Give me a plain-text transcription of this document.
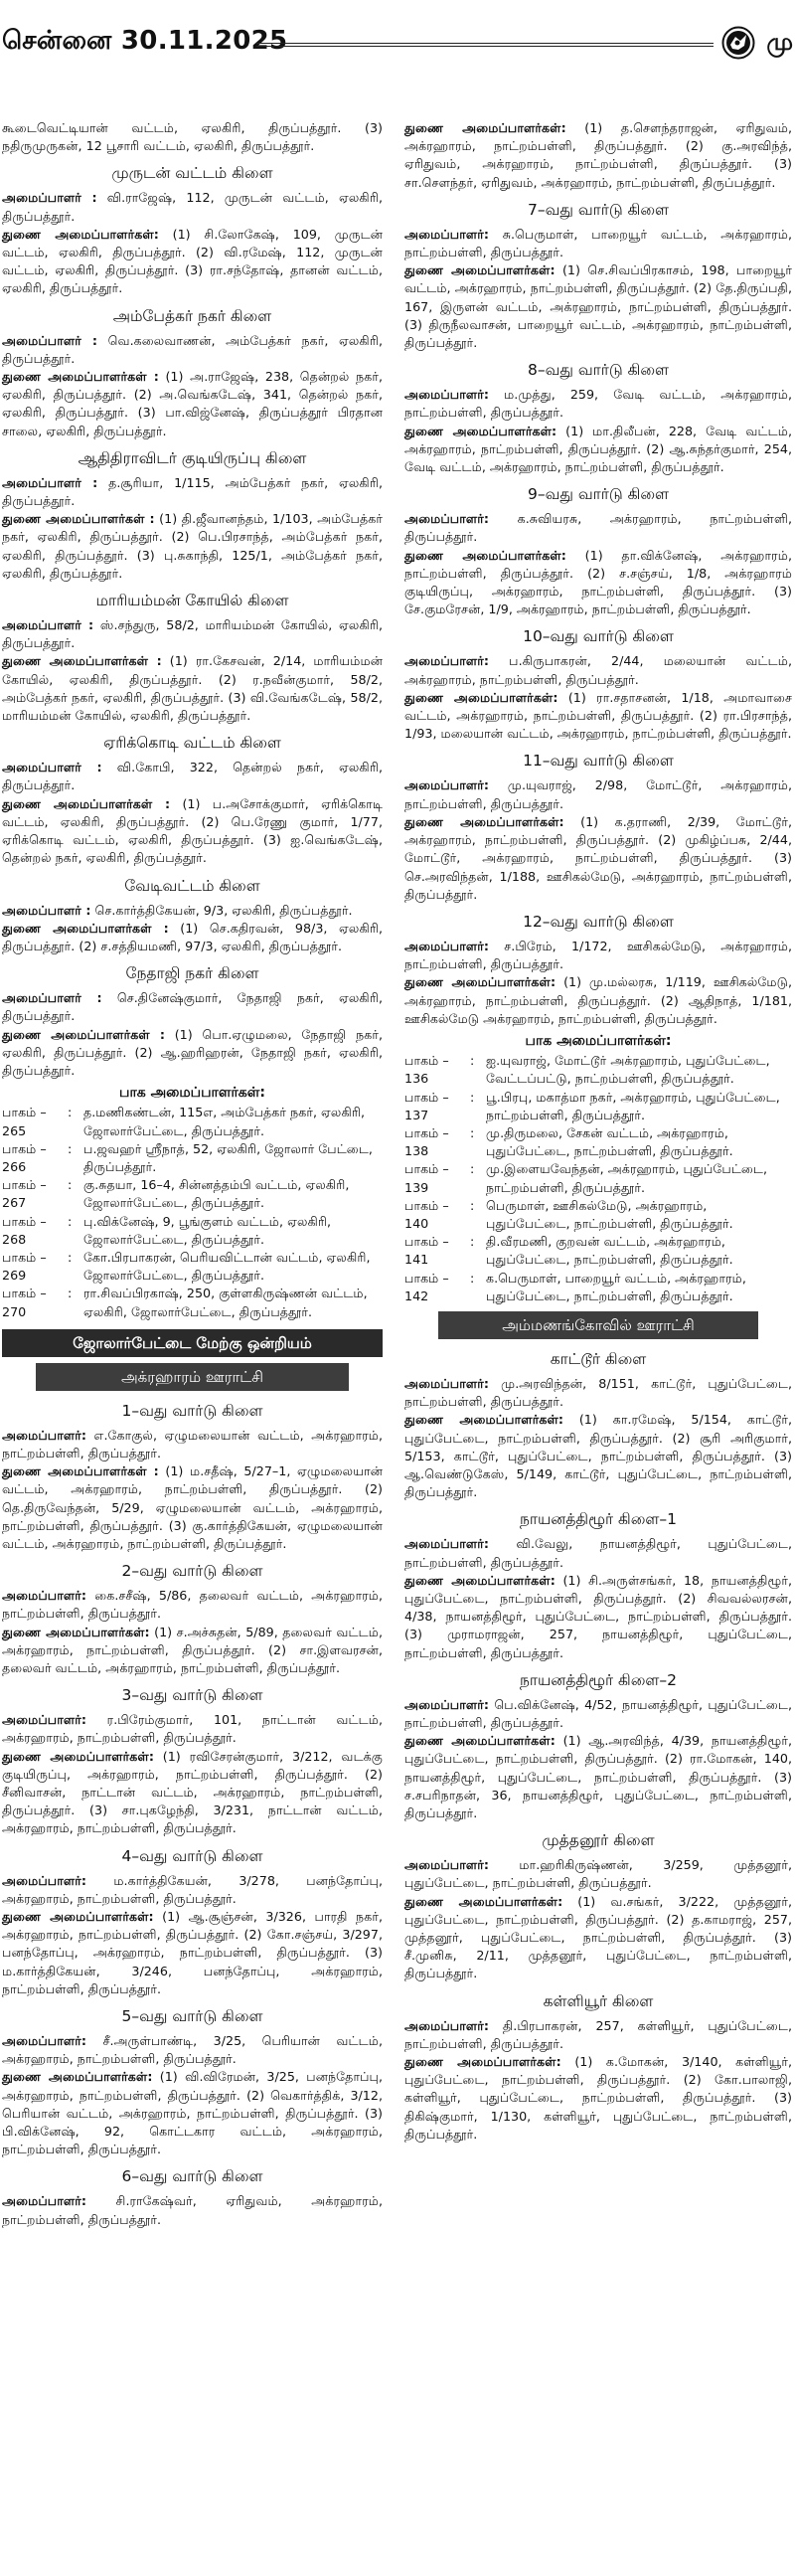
சென்னை 30.11.2025	மு

கூடைவெட்டியான் வட்டம், ஏலகிரி, திருப்பத்தூர். (3) நதிருமுருகன், 12 பூசாரி வட்டம், ஏலகிரி, திருப்பத்தூர்.

முருடன் வட்டம் கிளை

அமைப்பாளர் : வி.ராஜேஷ், 112, முருடன் வட்டம், ஏலகிரி, திருப்பத்தூர்.

துணை அமைப்பாளர்கள்: (1) சி.லோகேஷ், 109, முருடன் வட்டம், ஏலகிரி, திருப்பத்தூர். (2) வி.ரமேஷ், 112, முருடன் வட்டம், ஏலகிரி, திருப்பத்தூர். (3) ரா.சந்தோஷ், தானன் வட்டம், ஏலகிரி, திருப்பத்தூர்.

அம்பேத்கர் நகர் கிளை

அமைப்பாளர் : வெ.கலைவாணன், அம்பேத்கர் நகர், ஏலகிரி, திருப்பத்தூர்.

துணை அமைப்பாளர்கள் : (1) அ.ராஜேஷ், 238, தென்றல் நகர், ஏலகிரி, திருப்பத்தூர். (2) அ.வெங்கடேஷ், 341, தென்றல் நகர், ஏலகிரி, திருப்பத்தூர். (3) பா.விஜ்னேஷ், திருப்பத்தூர் பிரதான சாலை, ஏலகிரி, திருப்பத்தூர்.

ஆதிதிராவிடர் குடியிருப்பு கிளை

அமைப்பாளர் : த.சூரியா, 1/115, அம்பேத்கர் நகர், ஏலகிரி, திருப்பத்தூர்.

துணை அமைப்பாளர்கள் : (1) தி.ஜீவானந்தம், 1/103, அம்பேத்கர் நகர், ஏலகிரி, திருப்பத்தூர். (2) பெ.பிரசாந்த், அம்பேத்கர் நகர், ஏலகிரி, திருப்பத்தூர். (3) பு.சுகாந்தி, 125/1, அம்பேத்கர் நகர், ஏலகிரி, திருப்பத்தூர்.

மாரியம்மன் கோயில் கிளை

அமைப்பாளர் : ஸ்.சந்துரு, 58/2, மாரியம்மன் கோயில், ஏலகிரி, திருப்பத்தூர்.

துணை அமைப்பாளர்கள் : (1) ரா.கேசவன், 2/14, மாரியம்மன் கோயில், ஏலகிரி, திருப்பத்தூர். (2) ர.நவீன்குமார், 58/2, அம்பேத்கர் நகர், ஏலகிரி, திருப்பத்தூர். (3) வி.வேங்கடேஷ், 58/2, மாரியம்மன் கோயில், ஏலகிரி, திருப்பத்தூர்.

ஏரிக்கொடி வட்டம் கிளை

அமைப்பாளர் : வி.கோபி, 322, தென்றல் நகர், ஏலகிரி, திருப்பத்தூர்.

துணை அமைப்பாளர்கள் : (1) ப.அசோக்குமார், ஏரிக்கொடி வட்டம், ஏலகிரி, திருப்பத்தூர். (2) பெ.ரேணு குமார், 1/77, ஏரிக்கொடி வட்டம், ஏலகிரி, திருப்பத்தூர். (3) ஐ.வெங்கடேஷ், தென்றல் நகர், ஏலகிரி, திருப்பத்தூர்.

வேடிவட்டம் கிளை

அமைப்பாளர் : செ.கார்த்திகேயன், 9/3, ஏலகிரி, திருப்பத்தூர்.

துணை அமைப்பாளர்கள் : (1) செ.கதிரவன், 98/3, ஏலகிரி, திருப்பத்தூர். (2) ச.சத்தியமணி, 97/3, ஏலகிரி, திருப்பத்தூர்.

நேதாஜி நகர் கிளை

அமைப்பாளர் : செ.தினேஷ்குமார், நேதாஜி நகர், ஏலகிரி, திருப்பத்தூர்.

துணை அமைப்பாளர்கள் : (1) பொ.ஏழுமலை, நேதாஜி நகர், ஏலகிரி, திருப்பத்தூர். (2) ஆ.ஹரிஹரன், நேதாஜி நகர், ஏலகிரி, திருப்பத்தூர்.

பாக அமைப்பாளர்கள்:
பாகம் – 265
: த.மணிகண்டன், 115எ, அம்பேத்கர் நகர், ஏலகிரி, ஜோலார்பேட்டை, திருப்பத்தூர்.
பாகம் – 266
: ப.ஜவஹர் ஸ்ரீநாத், 52, ஏலகிரி, ஜோலார் பேட்டை, திருப்பத்தூர்.
பாகம் – 267
: கு.சுதயா, 16–4, சின்னத்தம்பி வட்டம், ஏலகிரி, ஜோலார்பேட்டை, திருப்பத்தூர்.
பாகம் – 268
: பு.விக்னேஷ், 9, பூங்குளம் வட்டம், ஏலகிரி, ஜோலார்பேட்டை, திருப்பத்தூர்.
பாகம் – 269
: கோ.பிரபாகரன், பெரியவிட்டான் வட்டம், ஏலகிரி, ஜோலார்பேட்டை, திருப்பத்தூர்.
பாகம் – 270
: ரா.சிவப்பிரகாஷ், 250, குள்ளகிருஷ்ணன் வட்டம், ஏலகிரி, ஜோலார்பேட்டை, திருப்பத்தூர்.
ஜோலார்பேட்டை மேற்கு ஒன்றியம்
அக்ரஹாரம் ஊராட்சி
1–வது வார்டு கிளை

அமைப்பாளர்: எ.கோகுல், ஏழுமலையான் வட்டம், அக்ரஹாரம், நாட்றம்பள்ளி, திருப்பத்தூர்.

துணை அமைப்பாளர்கள் : (1) ம.சதீஷ், 5/27–1, ஏழுமலையான் வட்டம், அக்ரஹாரம், நாட்றம்பள்ளி, திருப்பத்தூர். (2) தெ.திருவேந்தன், 5/29, ஏழுமலையான் வட்டம், அக்ரஹாரம், நாட்றம்பள்ளி, திருப்பத்தூர். (3) கு.கார்த்திகேயன், ஏழுமலையான் வட்டம், அக்ரஹாரம், நாட்றம்பள்ளி, திருப்பத்தூர்.

2–வது வார்டு கிளை

அமைப்பாளர்: கை.சசீஷ், 5/86, தலைவர் வட்டம், அக்ரஹாரம், நாட்றம்பள்ளி, திருப்பத்தூர்.

துணை அமைப்பாளர்கள்: (1) ச.அச்சுதன், 5/89, தலைவர் வட்டம், அக்ரஹாரம், நாட்றம்பள்ளி, திருப்பத்தூர். (2) சா.இளவரசன், தலைவர் வட்டம், அக்ரஹாரம், நாட்றம்பள்ளி, திருப்பத்தூர்.

3–வது வார்டு கிளை

அமைப்பாளர்: ர.பிரேம்குமார், 101, நாட்டான் வட்டம், அக்ரஹாரம், நாட்றம்பள்ளி, திருப்பத்தூர்.

துணை அமைப்பாளர்கள்: (1) ரவிசேரன்குமார், 3/212, வடக்கு குடியிருப்பு, அக்ரஹாரம், நாட்றம்பள்ளி, திருப்பத்தூர். (2) சீனிவாசன், நாட்டான் வட்டம், அக்ரஹாரம், நாட்றம்பள்ளி, திருப்பத்தூர். (3) சா.புகழேந்தி, 3/231, நாட்டான் வட்டம், அக்ரஹாரம், நாட்றம்பள்ளி, திருப்பத்தூர்.

4–வது வார்டு கிளை

அமைப்பாளர்: ம.கார்த்திகேயன், 3/278, பனந்தோப்பு, அக்ரஹாரம், நாட்றம்பள்ளி, திருப்பத்தூர்.

துணை அமைப்பாளர்கள்: (1) ஆ.சூஞ்சன், 3/326, பாரதி நகர், அக்ரஹாரம், நாட்றம்பள்ளி, திருப்பத்தூர். (2) கோ.சஞ்சய், 3/297, பனந்தோப்பு, அக்ரஹாரம், நாட்றம்பள்ளி, திருப்பத்தூர். (3) ம.கார்த்திகேயன், 3/246, பனந்தோப்பு, அக்ரஹாரம், நாட்றம்பள்ளி, திருப்பத்தூர்.

5–வது வார்டு கிளை

அமைப்பாளர்: சீ.அருள்பாண்டி, 3/25, பெரியான் வட்டம், அக்ரஹாரம், நாட்றம்பள்ளி, திருப்பத்தூர்.

துணை அமைப்பாளர்கள்: (1) வி.விரேமன், 3/25, பனந்தோப்பு, அக்ரஹாரம், நாட்றம்பள்ளி, திருப்பத்தூர். (2) வெகார்த்திக், 3/12, பெரியான் வட்டம், அக்ரஹாரம், நாட்றம்பள்ளி, திருப்பத்தூர். (3) பி.விக்னேஷ், 92, கொட்டகார வட்டம், அக்ரஹாரம், நாட்றம்பள்ளி, திருப்பத்தூர்.

6–வது வார்டு கிளை

அமைப்பாளர்: சி.ராகேஷ்வர், ஏரிதுவம், அக்ரஹாரம், நாட்றம்பள்ளி, திருப்பத்தூர்.

துணை அமைப்பாளர்கள்: (1) த.சௌந்தராஜன், ஏரிதுவம், அக்ரஹாரம், நாட்றம்பள்ளி, திருப்பத்தூர். (2) கு.அரவிந்த், ஏரிதுவம், அக்ரஹாரம், நாட்றம்பள்ளி, திருப்பத்தூர். (3) சா.சௌந்தர், ஏரிதுவம், அக்ரஹாரம், நாட்றம்பள்ளி, திருப்பத்தூர்.

7–வது வார்டு கிளை

அமைப்பாளர்: சு.பெருமாள், பாறையூர் வட்டம், அக்ரஹாரம், நாட்றம்பள்ளி, திருப்பத்தூர்.

துணை அமைப்பாளர்கள்: (1) செ.சிவப்பிரகாசம், 198, பாறையூர் வட்டம், அக்ரஹாரம், நாட்றம்பள்ளி, திருப்பத்தூர். (2) தே.திருப்பதி, 167, இருளன் வட்டம், அக்ரஹாரம், நாட்றம்பள்ளி, திருப்பத்தூர். (3) திருநீலவாசன், பாறையூர் வட்டம், அக்ரஹாரம், நாட்றம்பள்ளி, திருப்பத்தூர்.

8–வது வார்டு கிளை

அமைப்பாளர்: ம.முத்து, 259, வேடி வட்டம், அக்ரஹாரம், நாட்றம்பள்ளி, திருப்பத்தூர்.

துணை அமைப்பாளர்கள்: (1) மா.திலீபன், 228, வேடி வட்டம், அக்ரஹாரம், நாட்றம்பள்ளி, திருப்பத்தூர். (2) ஆ.சுந்தர்குமார், 254, வேடி வட்டம், அக்ரஹாரம், நாட்றம்பள்ளி, திருப்பத்தூர்.

9–வது வார்டு கிளை

அமைப்பாளர்: க.சுவியரசு, அக்ரஹாரம், நாட்றம்பள்ளி, திருப்பத்தூர்.

துணை அமைப்பாளர்கள்: (1) தா.விக்னேஷ், அக்ரஹாரம், நாட்றம்பள்ளி, திருப்பத்தூர். (2) ச.சஞ்சய், 1/8, அக்ரஹாரம் குடியிருப்பு, அக்ரஹாரம், நாட்றம்பள்ளி, திருப்பத்தூர். (3) சே.குமரேசன், 1/9, அக்ரஹாரம், நாட்றம்பள்ளி, திருப்பத்தூர்.

10–வது வார்டு கிளை

அமைப்பாளர்: ப.கிருபாகரன், 2/44, மலையான் வட்டம், அக்ரஹாரம், நாட்றம்பள்ளி, திருப்பத்தூர்.

துணை அமைப்பாளர்கள்: (1) ரா.சதாசனன், 1/18, அமாவாசை வட்டம், அக்ரஹாரம், நாட்றம்பள்ளி, திருப்பத்தூர். (2) ரா.பிரசாந்த், 1/93, மலையான் வட்டம், அக்ரஹாரம், நாட்றம்பள்ளி, திருப்பத்தூர்.

11–வது வார்டு கிளை

அமைப்பாளர்: மு.யுவராஜ், 2/98, மோட்டூர், அக்ரஹாரம், நாட்றம்பள்ளி, திருப்பத்தூர்.

துணை அமைப்பாளர்கள்: (1) க.தராணி, 2/39, மோட்டூர், அக்ரஹாரம், நாட்றம்பள்ளி, திருப்பத்தூர். (2) முகிழ்ப்பசு, 2/44, மோட்டூர், அக்ரஹாரம், நாட்றம்பள்ளி, திருப்பத்தூர். (3) செ.அரவிந்தன், 1/188, ஊசிகல்மேடு, அக்ரஹாரம், நாட்றம்பள்ளி, திருப்பத்தூர்.

12–வது வார்டு கிளை

அமைப்பாளர்: ச.பிரேம், 1/172, ஊசிகல்மேடு, அக்ரஹாரம், நாட்றம்பள்ளி, திருப்பத்தூர்.

துணை அமைப்பாளர்கள்: (1) மு.மல்லரசு, 1/119, ஊசிகல்மேடு, அக்ரஹாரம், நாட்றம்பள்ளி, திருப்பத்தூர். (2) ஆதிநாத், 1/181, ஊசிகல்மேடு அக்ரஹாரம், நாட்றம்பள்ளி, திருப்பத்தூர்.

பாக அமைப்பாளர்கள்:
பாகம் – 136
: ஐ.யுவராஜ், மோட்டூர் அக்ரஹாரம், புதுப்பேட்டை, வேட்டப்பட்டு, நாட்றம்பள்ளி, திருப்பத்தூர்.
பாகம் – 137
: பூ.பிரபு, மகாத்மா நகர், அக்ரஹாரம், புதுப்பேட்டை, நாட்றம்பள்ளி, திருப்பத்தூர்.
பாகம் – 138
: மு.திருமலை, சேகன் வட்டம், அக்ரஹாரம், புதுப்பேட்டை, நாட்றம்பள்ளி, திருப்பத்தூர்.
பாகம் – 139
: மு.இளையவேந்தன், அக்ரஹாரம், புதுப்பேட்டை, நாட்றம்பள்ளி, திருப்பத்தூர்.
பாகம் – 140
: பெருமாள், ஊசிகல்மேடு, அக்ரஹாரம், புதுப்பேட்டை, நாட்றம்பள்ளி, திருப்பத்தூர்.
பாகம் – 141
: தி.வீரமணி, குறவன் வட்டம், அக்ரஹாரம், புதுப்பேட்டை, நாட்றம்பள்ளி, திருப்பத்தூர்.
பாகம் – 142
: க.பெருமாள், பாறையூர் வட்டம், அக்ரஹாரம், புதுப்பேட்டை, நாட்றம்பள்ளி, திருப்பத்தூர்.
அம்மணங்கோவில் ஊராட்சி
காட்டூர் கிளை

அமைப்பாளர்: மு.அரவிந்தன், 8/151, காட்டூர், புதுப்பேட்டை, நாட்றம்பள்ளி, திருப்பத்தூர்.

துணை அமைப்பாளர்கள்: (1) கா.ரமேஷ், 5/154, காட்டூர், புதுப்பேட்டை, நாட்றம்பள்ளி, திருப்பத்தூர். (2) சூரி அரிகுமார், 5/153, காட்டூர், புதுப்பேட்டை, நாட்றம்பள்ளி, திருப்பத்தூர். (3) ஆ.வெண்டுகேஸ், 5/149, காட்டூர், புதுப்பேட்டை, நாட்றம்பள்ளி, திருப்பத்தூர்.

நாயனத்திழூர் கிளை–1

அமைப்பாளர்: வி.வேலு, நாயனத்திழூர், புதுப்பேட்டை, நாட்றம்பள்ளி, திருப்பத்தூர்.

துணை அமைப்பாளர்கள்: (1) சி.அருள்சங்கர், 18, நாயனத்திழூர், புதுப்பேட்டை, நாட்றம்பள்ளி, திருப்பத்தூர். (2) சிவவல்லரசன், 4/38, நாயனத்திழூர், புதுப்பேட்டை, நாட்றம்பள்ளி, திருப்பத்தூர். (3) முராமராஜன், 257, நாயனத்திழூர், புதுப்பேட்டை, நாட்றம்பள்ளி, திருப்பத்தூர்.

நாயனத்திழூர் கிளை–2

அமைப்பாளர்: பெ.விக்னேஷ், 4/52, நாயனத்திழூர், புதுப்பேட்டை, நாட்றம்பள்ளி, திருப்பத்தூர்.

துணை அமைப்பாளர்கள்: (1) ஆ.அரவிந்த், 4/39, நாயனத்திழூர், புதுப்பேட்டை, நாட்றம்பள்ளி, திருப்பத்தூர். (2) ரா.மோகன், 140, நாயனத்திழூர், புதுப்பேட்டை, நாட்றம்பள்ளி, திருப்பத்தூர். (3) ச.சபரிநாதன், 36, நாயனத்திழூர், புதுப்பேட்டை, நாட்றம்பள்ளி, திருப்பத்தூர்.

முத்தனூர் கிளை

அமைப்பாளர்: மா.ஹரிகிருஷ்ணன், 3/259, முத்தனூர், புதுப்பேட்டை, நாட்றம்பள்ளி, திருப்பத்தூர்.

துணை அமைப்பாளர்கள்: (1) வ.சங்கர், 3/222, முத்தனூர், புதுப்பேட்டை, நாட்றம்பள்ளி, திருப்பத்தூர். (2) த.காமராஜ், 257, முத்தனூர், புதுப்பேட்டை, நாட்றம்பள்ளி, திருப்பத்தூர். (3) சீ.முனிசு, 2/11, முத்தனூர், புதுப்பேட்டை, நாட்றம்பள்ளி, திருப்பத்தூர்.

கள்ளியூர் கிளை

அமைப்பாளர்: தி.பிரபாகரன், 257, கள்ளியூர், புதுப்பேட்டை, நாட்றம்பள்ளி, திருப்பத்தூர்.

துணை அமைப்பாளர்கள்: (1) க.மோகன், 3/140, கள்ளியூர், புதுப்பேட்டை, நாட்றம்பள்ளி, திருப்பத்தூர். (2) கோ.பாலாஜி, கள்ளியூர், புதுப்பேட்டை, நாட்றம்பள்ளி, திருப்பத்தூர். (3) திகிஷ்குமார், 1/130, கள்ளியூர், புதுப்பேட்டை, நாட்றம்பள்ளி, திருப்பத்தூர்.
